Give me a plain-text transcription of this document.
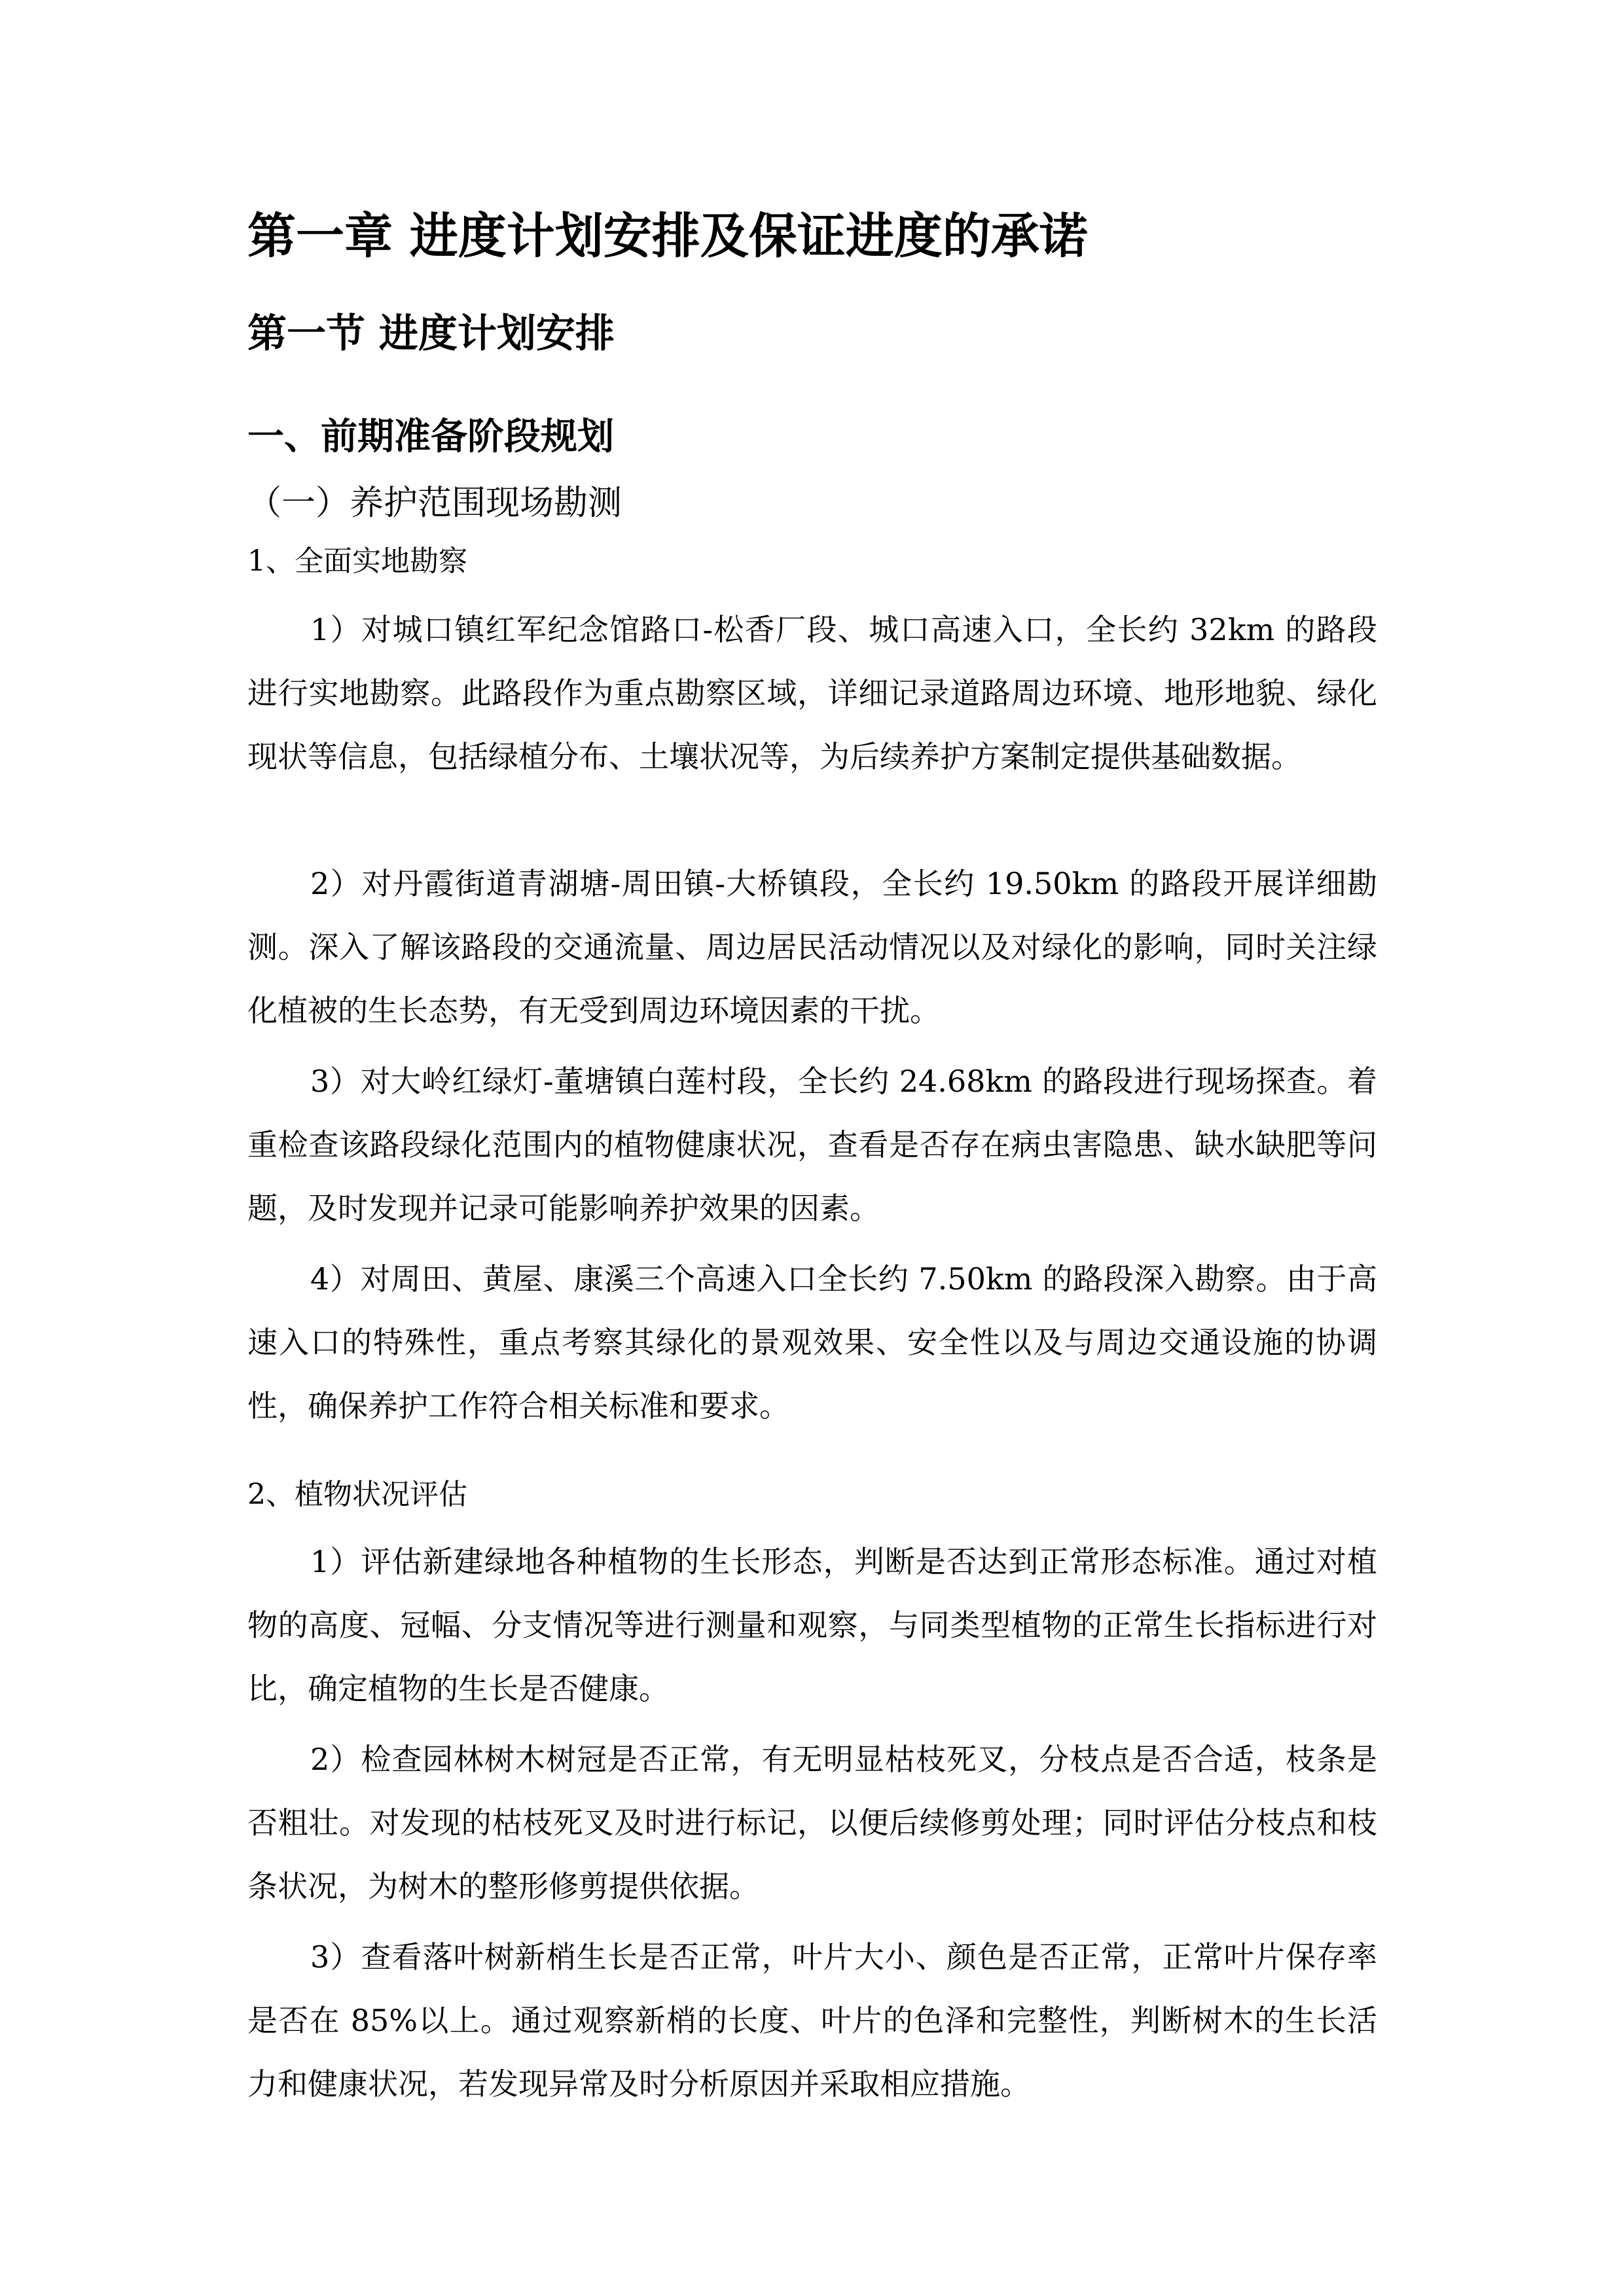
第一章 进度计划安排及保证进度的承诺
第一节 进度计划安排
一、前期准备阶段规划
（一）养护范围现场勘测
1、全面实地勘察
1）对城口镇红军纪念馆路口-松香厂段、城口高速入口，全长约 32km 的路段进行实地勘察。此路段作为重点勘察区域，详细记录道路周边环境、地形地貌、绿化现状等信息，包括绿植分布、土壤状况等，为后续养护方案制定提供基础数据。
2）对丹霞街道青湖塘-周田镇-大桥镇段，全长约 19.50km 的路段开展详细勘测。深入了解该路段的交通流量、周边居民活动情况以及对绿化的影响，同时关注绿化植被的生长态势，有无受到周边环境因素的干扰。
3）对大岭红绿灯-董塘镇白莲村段，全长约 24.68km 的路段进行现场探查。着重检查该路段绿化范围内的植物健康状况，查看是否存在病虫害隐患、缺水缺肥等问题，及时发现并记录可能影响养护效果的因素。
4）对周田、黄屋、康溪三个高速入口全长约 7.50km 的路段深入勘察。由于高速入口的特殊性，重点考察其绿化的景观效果、安全性以及与周边交通设施的协调性，确保养护工作符合相关标准和要求。
2、植物状况评估
1）评估新建绿地各种植物的生长形态，判断是否达到正常形态标准。通过对植物的高度、冠幅、分支情况等进行测量和观察，与同类型植物的正常生长指标进行对比，确定植物的生长是否健康。
2）检查园林树木树冠是否正常，有无明显枯枝死叉，分枝点是否合适，枝条是否粗壮。对发现的枯枝死叉及时进行标记，以便后续修剪处理；同时评估分枝点和枝条状况，为树木的整形修剪提供依据。
3）查看落叶树新梢生长是否正常，叶片大小、颜色是否正常，正常叶片保存率是否在 85%以上。通过观察新梢的长度、叶片的色泽和完整性，判断树木的生长活力和健康状况，若发现异常及时分析原因并采取相应措施。
